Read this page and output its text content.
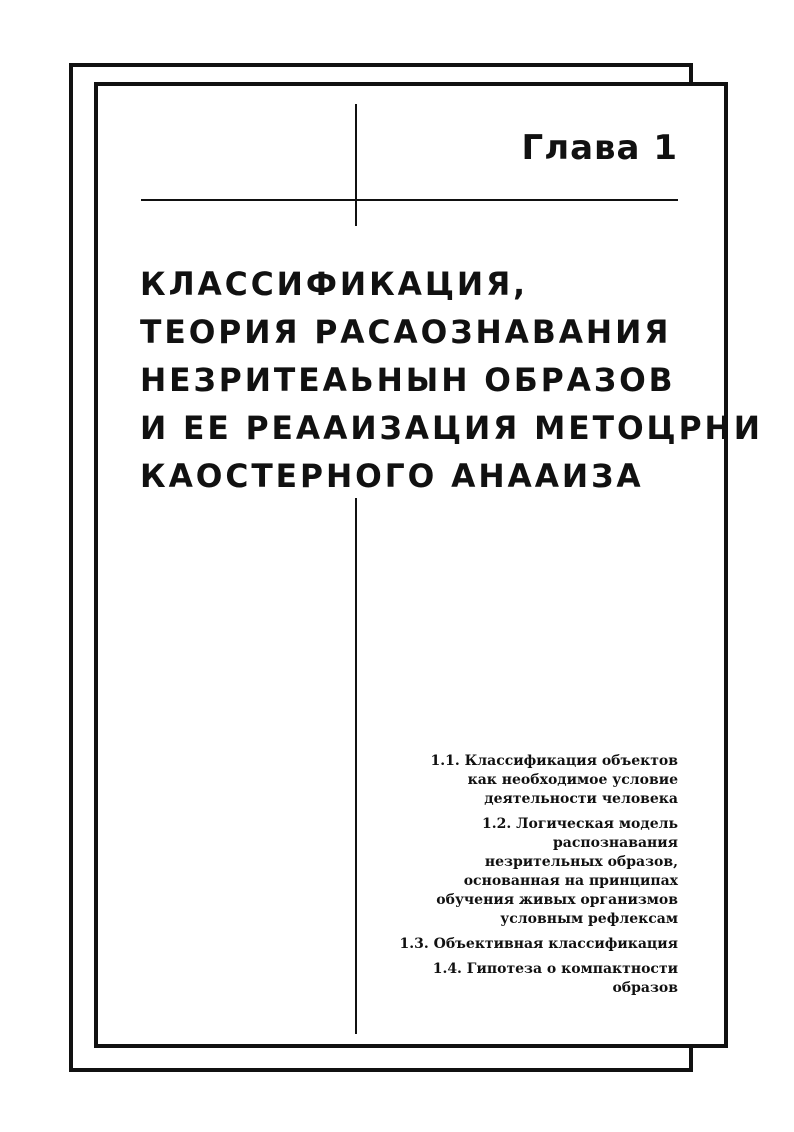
Глава 1
КЛАССИФИКАЦИЯ,
ТЕОРИЯ РАСАОЗНАВАНИЯ
НЕЗРИТЕАЬНЫН ОБРАЗОВ
И ЕЕ РЕААИЗАЦИЯ МЕТОЦРНИ
КАОСТЕРНОГО АНААИЗА
1.1. Классификация объектов
как необходимое условие
деятельности человека
1.2. Логическая модель
распознавания
незрительных образов,
основанная на принципах
обучения живых организмов
условным рефлексам
1.3. Объективная классификация
1.4. Гипотеза о компактности
образов
